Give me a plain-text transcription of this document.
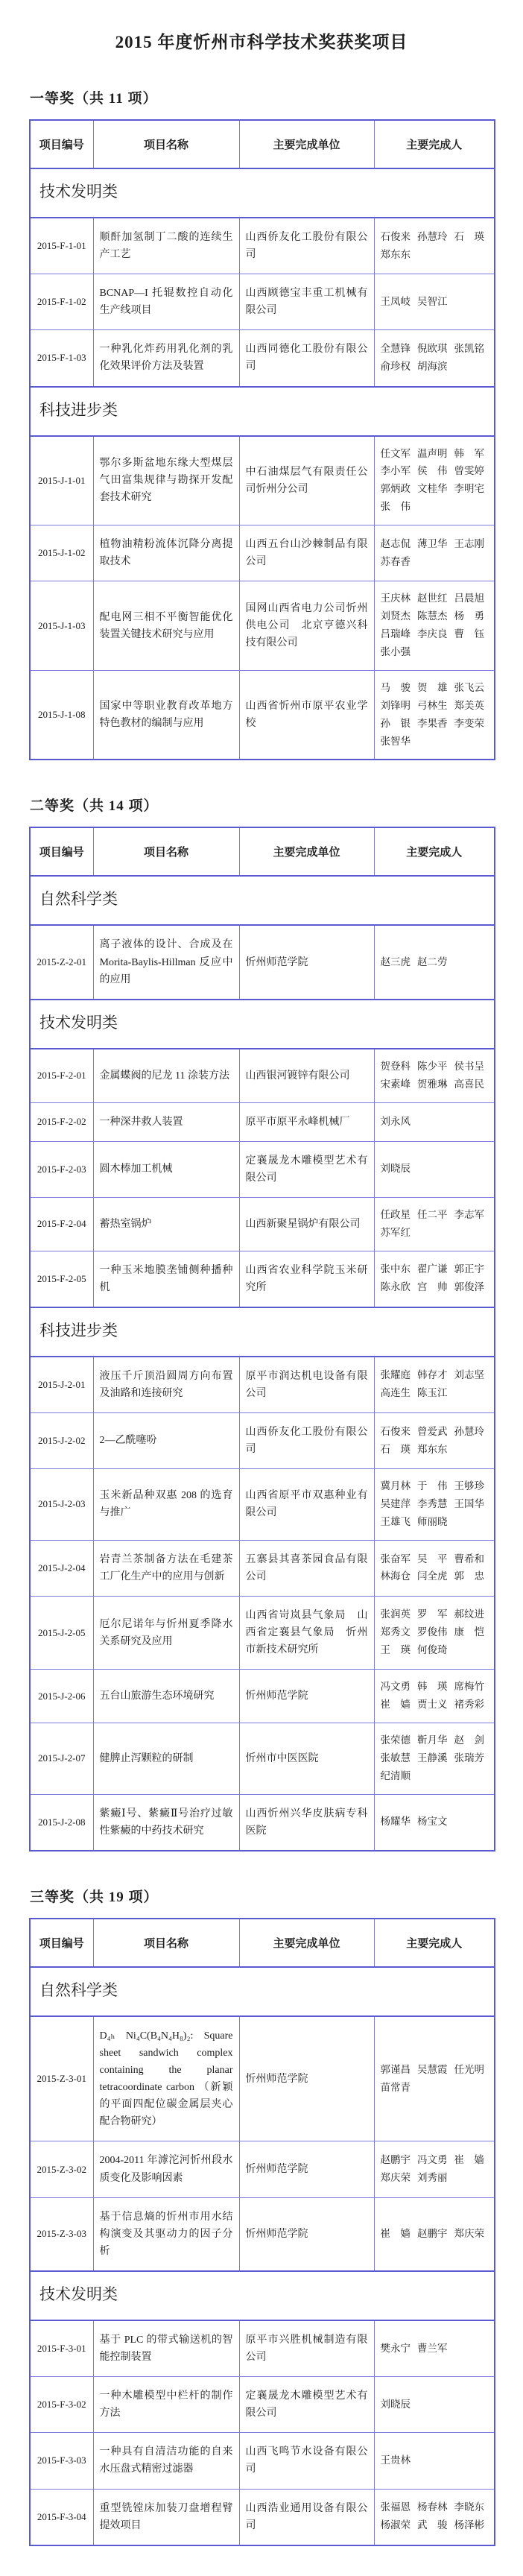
2015 年度忻州市科学技术奖获奖项目
一等奖（共 11 项）
项目编号	项目名称	主要完成单位	主要完成人
技术发明类			
2015-F-1-01	顺酐加氢制丁二酸的连续生产工艺	山西侨友化工股份有限公司	石俊来 孙慧玲 石　瑛
郑东东

2015-F-1-02	BCNAP—I 托辊数控自动化生产线项目	山西顾德宝丰重工机械有限公司	王凤岐 吴智江

2015-F-1-03	一种乳化炸药用乳化剂的乳化效果评价方法及装置	山西同德化工股份有限公司	全慧锋 倪欧琪 张凯铭
俞珍权 胡海滨

科技进步类			
2015-J-1-01	鄂尔多斯盆地东缘大型煤层气田富集规律与勘探开发配套技术研究	中石油煤层气有限责任公司忻州分公司	
任文军 温声明 韩　军
李小军 侯　伟 曾雯婷
郭炳政 文桂华 李明宅
张　伟

2015-J-1-02	植物油精粉流体沉降分离提取技术	山西五台山沙棘制品有限公司	赵志侃 薄卫华 王志刚
苏春香

2015-J-1-03	配电网三相不平衡智能优化装置关键技术研究与应用	国网山西省电力公司忻州供电公司　北京亨德兴科技有限公司	
王庆林 赵世红 吕晨旭
刘贤杰 陈慧杰 杨　勇
吕瑞峰 李庆良 曹　钰
张小强

2015-J-1-08	国家中等职业教育改革地方特色教材的编制与应用	山西省忻州市原平农业学校	
马　骏 贺　雄 张飞云
刘锋明 弓林生 郑美英
孙　银 李果香 李变荣
张智华
二等奖（共 14 项）
项目编号	项目名称	主要完成单位	主要完成人
自然科学类			
2015-Z-2-01	离子液体的设计、合成及在 Morita-Baylis-Hillman 反应中的应用	忻州师范学院	赵三虎 赵二劳

技术发明类			
2015-F-2-01	金属蝶阀的尼龙 11 涂装方法	山西银河镀锌有限公司	
贺登科 陈少平 侯书呈
宋素峰 贺雅琳 高喜民

2015-F-2-02	一种深井救人装置	原平市原平永峰机械厂	刘永风

2015-F-2-03	圆木棒加工机械	定襄晟龙木雕模型艺术有限公司	刘晓辰

2015-F-2-04	蓄热室锅炉	山西新聚星锅炉有限公司	任政星 任二平 李志军
苏军红

2015-F-2-05	一种玉米地膜垄铺侧种播种机	山西省农业科学院玉米研究所	
张中东 翟广谦 郭正宇
陈永欣 宫　帅 郭俊泽

科技进步类			
2015-J-2-01	液压千斤顶沿圆周方向布置及油路和连接研究	原平市润达机电设备有限公司	张耀庭 韩存才 刘志坚
高连生 陈玉江

2015-J-2-02	2—乙酰噻吩	山西侨友化工股份有限公司	石俊来 曾爱武 孙慧玲
石　瑛 郑东东

2015-J-2-03	玉米新品种双惠 208 的选育与推广	山西省原平市双惠种业有限公司	
冀月林 于　伟 王够珍
吴建萍 李秀慧 王国华
王雄飞 师丽晓

2015-J-2-04	岩青兰茶制备方法在毛建茶工厂化生产中的应用与创新	五寨县其喜茶园食品有限公司	
张奋军 吴　平 曹希和
林海仓 闫全虎 郭　忠

2015-J-2-05	厄尔尼诺年与忻州夏季降水关系研究及应用	山西省岢岚县气象局　山西省定襄县气象局　忻州市新技术研究所	
张润英 罗　军 郝纹进
郑秀文 罗俊伟 康　恺
王　瑛 何俊琦

2015-J-2-06	五台山旅游生态环境研究	忻州师范学院	
冯文勇 韩　瑛 席梅竹
崔　嫱 贾士义 褚秀彩

2015-J-2-07	健脾止泻颗粒的研制	忻州市中医医院	
张荣德 靳月华 赵　剑
张敏慧 王静溪 张瑞芳
纪清顺

2015-J-2-08	紫癜Ⅰ号、紫癜Ⅱ号治疗过敏性紫癜的中药技术研究	山西忻州兴华皮肤病专科医院	杨耀华 杨宝文
三等奖（共 19 项）
项目编号	项目名称	主要完成单位	主要完成人
自然科学类			
2015-Z-3-01	D₄ₕ Ni₄C(B₄N₄H₈)₂: Square sheet sandwich complex containing the planar tetracoordinate carbon （新颖的平面四配位碳金属层夹心配合物研究）	忻州师范学院	郭谨昌 吴慧霞 任光明
苗常青

2015-Z-3-02	2004-2011 年滹沱河忻州段水质变化及影响因素	忻州师范学院	赵鹏宇 冯文勇 崔　嫱
郑庆荣 刘秀丽

2015-Z-3-03	基于信息熵的忻州市用水结构演变及其驱动力的因子分析	忻州师范学院	崔　嫱 赵鹏宇 郑庆荣

技术发明类			
2015-F-3-01	基于 PLC 的带式输送机的智能控制装置	原平市兴胜机械制造有限公司	樊永宁 曹兰军

2015-F-3-02	一种木雕模型中栏杆的制作方法	定襄晟龙木雕模型艺术有限公司	刘晓辰

2015-F-3-03	一种具有自清洁功能的自来水压盘式精密过滤器	山西飞鸣节水设备有限公司	王贵林

2015-F-3-04	重型铣镗床加装刀盘增程臂提效项目	山西浩业通用设备有限公司	
张福恩 杨春林 李晓东
杨淑荣 武　骏 杨泽彬
